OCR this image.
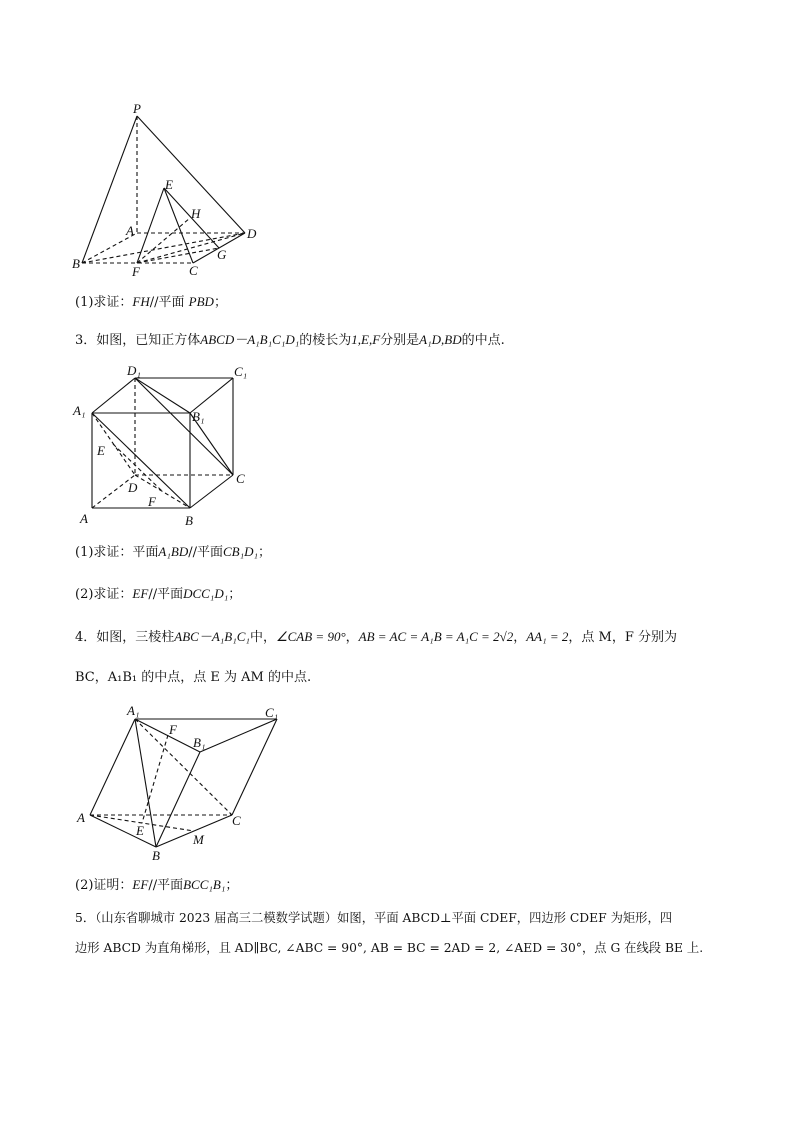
P
E
H
A	D
B
G
F	C
(1)求证：FH//平面 PBD；
3．如图，已知正方体ABCD－A₁B₁C₁D₁的棱长为1,E,F分别是A₁D,BD的中点.
D₁	C₁
A₁	B₁
E
C
D
F
A	B
(1)求证：平面A₁BD//平面CB₁D₁；
(2)求证：EF//平面DCC₁D₁；
4．如图，三棱柱ABC－A₁B₁C₁中，∠CAB = 90°，AB = AC = A₁B = A₁C = 2√2，AA₁ = 2，点 M，F 分别为
BC，A₁B₁ 的中点，点 E 为 AM 的中点.
A₁	C₁
F
B₁
A	C
E
M
B
(2)证明：EF//平面BCC₁B₁；
5．（山东省聊城市 2023 届高三二模数学试题）如图，平面 ABCD⊥平面 CDEF，四边形 CDEF 为矩形，四
边形 ABCD 为直角梯形，且 AD∥BC, ∠ABC = 90°, AB = BC = 2AD = 2, ∠AED = 30°，点 G 在线段 BE 上.
